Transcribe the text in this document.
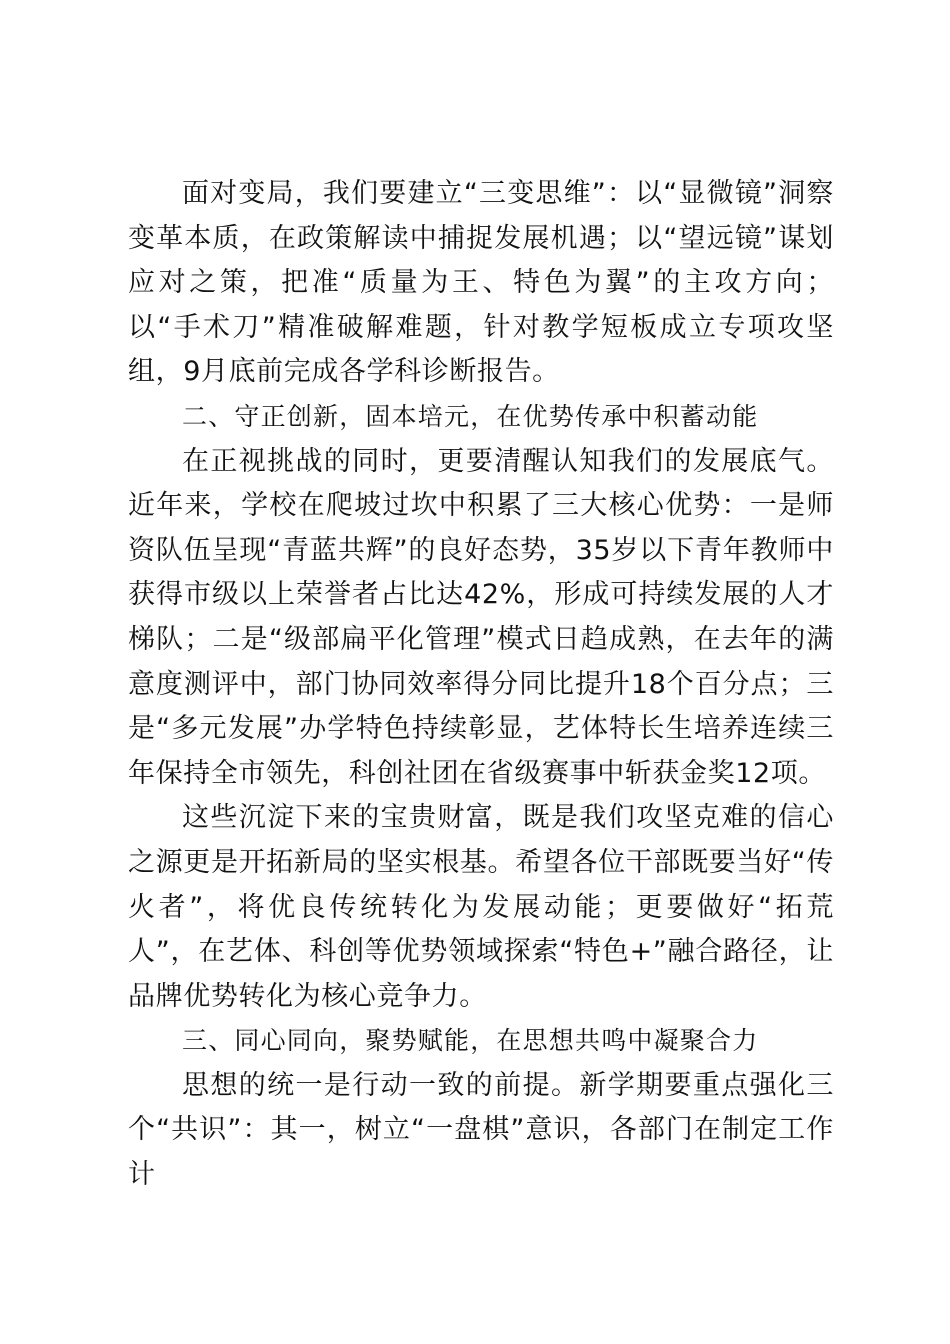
面对变局，我们要建立“三变思维”：以“显微镜”洞察变革本质，在政策解读中捕捉发展机遇；以“望远镜”谋划应对之策，把准“质量为王、特色为翼”的主攻方向；以“手术刀”精准破解难题，针对教学短板成立专项攻坚组，9月底前完成各学科诊断报告。

二、守正创新，固本培元，在优势传承中积蓄动能

在正视挑战的同时，更要清醒认知我们的发展底气。近年来，学校在爬坡过坎中积累了三大核心优势：一是师资队伍呈现“青蓝共辉”的良好态势，35岁以下青年教师中获得市级以上荣誉者占比达42%，形成可持续发展的人才梯队；二是“级部扁平化管理”模式日趋成熟，在去年的满意度测评中，部门协同效率得分同比提升18个百分点；三是“多元发展”办学特色持续彰显，艺体特长生培养连续三年保持全市领先，科创社团在省级赛事中斩获金奖12项。

这些沉淀下来的宝贵财富，既是我们攻坚克难的信心之源更是开拓新局的坚实根基。希望各位干部既要当好“传火者”，将优良传统转化为发展动能；更要做好“拓荒人”，在艺体、科创等优势领域探索“特色+”融合路径，让品牌优势转化为核心竞争力。

三、同心同向，聚势赋能，在思想共鸣中凝聚合力

思想的统一是行动一致的前提。新学期要重点强化三个“共识”：其一，树立“一盘棋”意识，各部门在制定工作计
